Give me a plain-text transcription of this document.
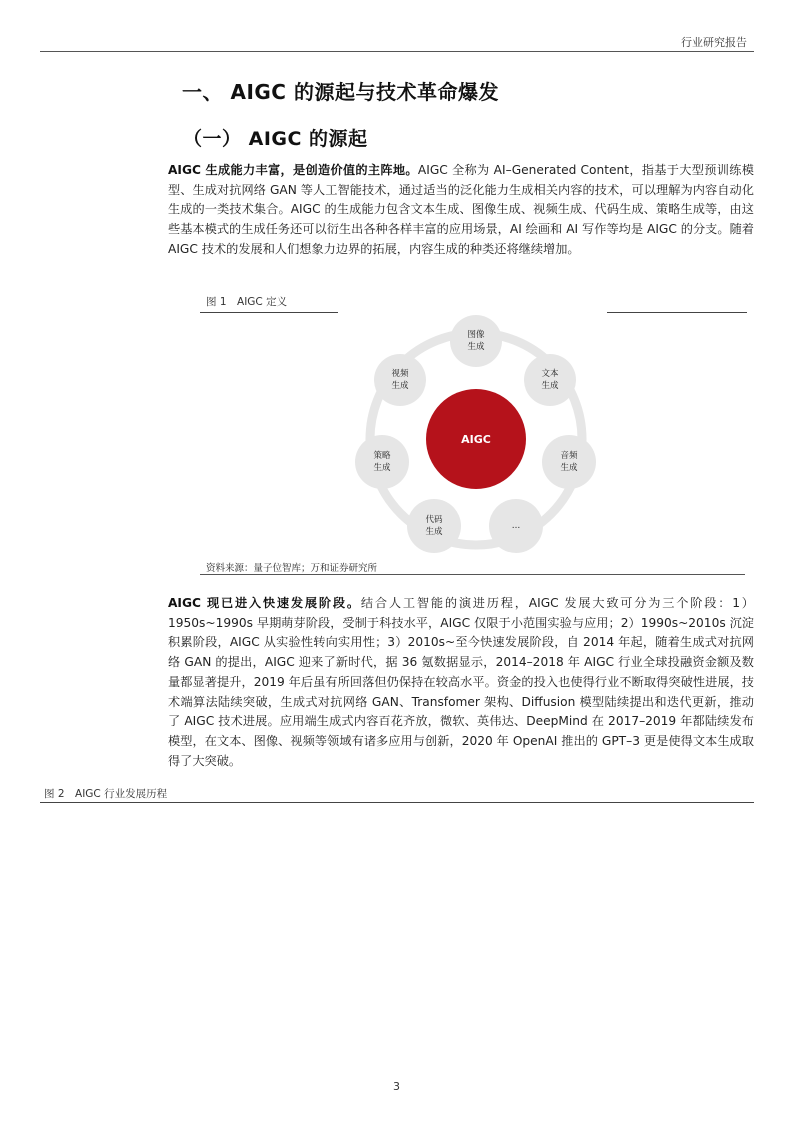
行业研究报告
一、 AIGC 的源起与技术革命爆发
（一） AIGC 的源起

AIGC 生成能力丰富，是创造价值的主阵地。AIGC 全称为 AI–Generated Content，指基于大型预训练模型、生成对抗网络 GAN 等人工智能技术，通过适当的泛化能力生成相关内容的技术，可以理解为内容自动化生成的一类技术集合。AIGC 的生成能力包含文本生成、图像生成、视频生成、代码生成、策略生成等，由这些基本模式的生成任务还可以衍生出各种各样丰富的应用场景，AI 绘画和 AI 写作等均是 AIGC 的分支。随着 AIGC 技术的发展和人们想象力边界的拓展，内容生成的种类还将继续增加。

图 1　AIGC 定义
AIGC
图像
生成
文本
生成
音频
生成
…
代码
生成
策略
生成
视频
生成
资料来源：量子位智库；万和证券研究所

AIGC 现已进入快速发展阶段。结合人工智能的演进历程，AIGC 发展大致可分为三个阶段：1）1950s~1990s 早期萌芽阶段，受制于科技水平，AIGC 仅限于小范围实验与应用；2）1990s~2010s 沉淀积累阶段，AIGC 从实验性转向实用性；3）2010s~至今快速发展阶段，自 2014 年起，随着生成式对抗网络 GAN 的提出，AIGC 迎来了新时代，据 36 氪数据显示，2014–2018 年 AIGC 行业全球投融资金额及数量都显著提升，2019 年后虽有所回落但仍保持在较高水平。资金的投入也使得行业不断取得突破性进展，技术端算法陆续突破，生成式对抗网络 GAN、Transfomer 架构、Diffusion 模型陆续提出和迭代更新，推动了 AIGC 技术进展。应用端生成式内容百花齐放，微软、英伟达、DeepMind 在 2017–2019 年都陆续发布模型，在文本、图像、视频等领域有诸多应用与创新，2020 年 OpenAI 推出的 GPT–3 更是使得文本生成取得了大突破。

图 2　AIGC 行业发展历程
3
